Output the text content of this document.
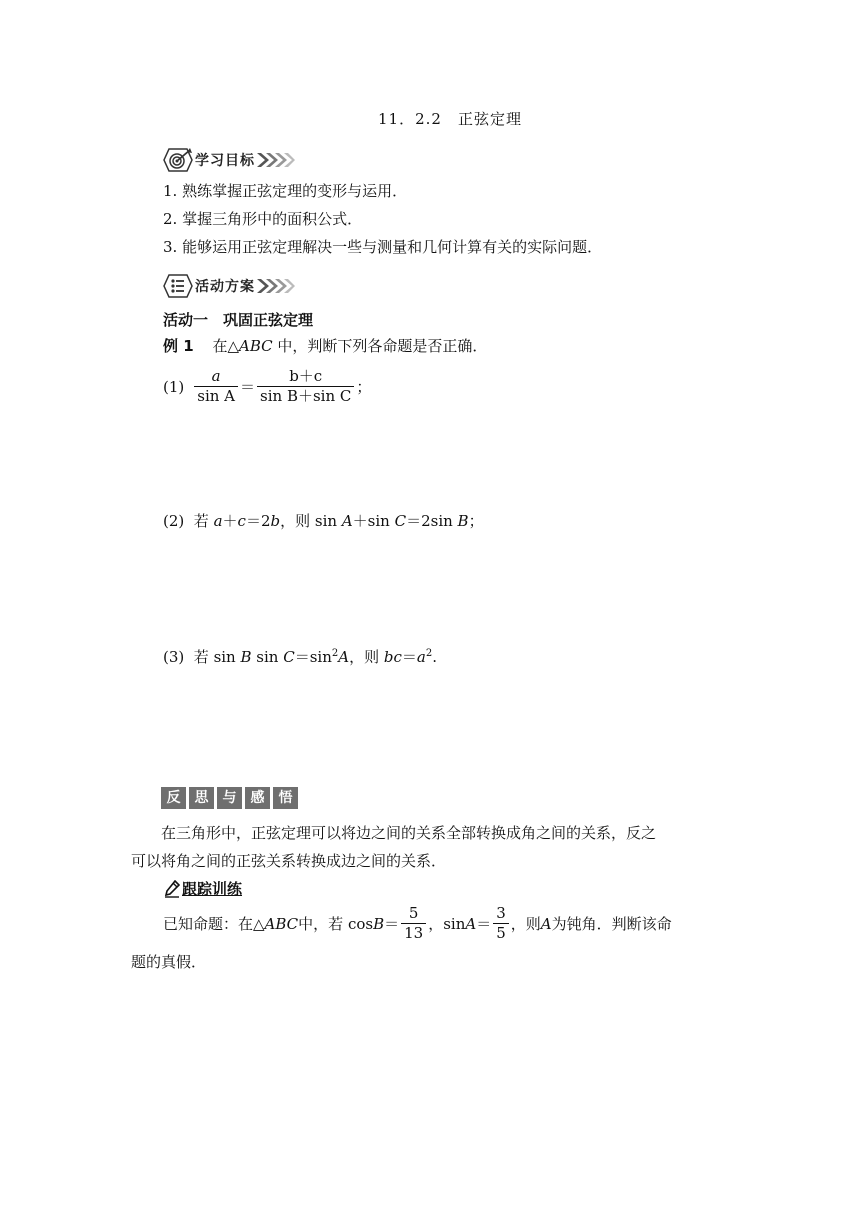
11．2.2　正弦定理
学习目标
1. 熟练掌握正弦定理的变形与运用．
2. 掌握三角形中的面积公式．
3. 能够运用正弦定理解决一些与测量和几何计算有关的实际问题．
活动方案
活动一　巩固正弦定理
例 1 在△ABC 中，判断下列各命题是否正确．
$(1) \frac{a}{\text{sin A}} = \frac{b+c}{\text{sin B＋sin C}}$ ；
(2) 若 a＋c＝2b，则 sin A＋sin C＝2sin B；
(3) 若 sin B $\sin C=\sin^2A$，则 $bc=a^2$.
反 思 与 感 悟
在三角形中，正弦定理可以将边之间的关系全部转换成角之间的关系，反之
可以将角之间的正弦关系转换成边之间的关系．
跟踪训练
已知命题：在△ ABC 中，若 $\cos B = \frac{5}{13}$ ，$\sin A = \frac{3}{5}$ ，则 A 为钝角．判断该命
题的真假．
